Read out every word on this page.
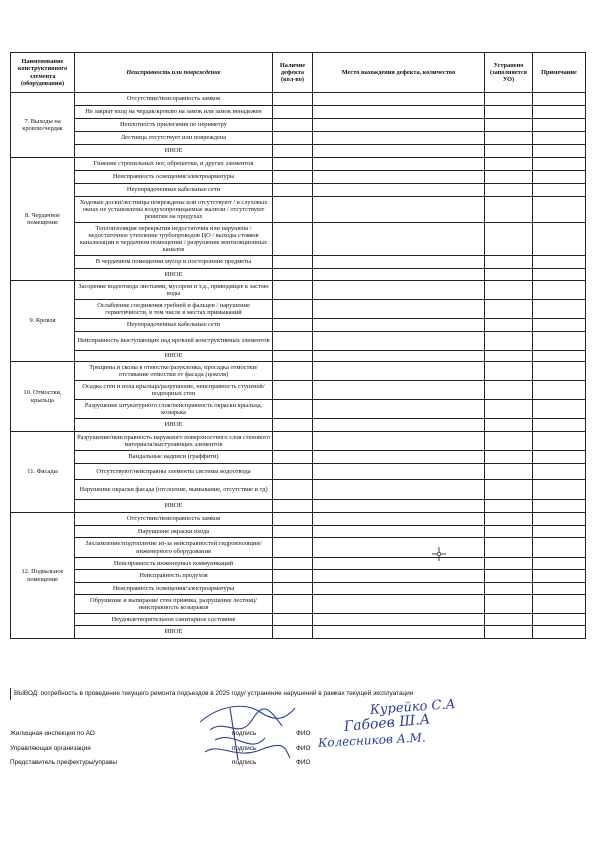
Наименование конструктивного элемента (оборудования)	Неисправность или повреждение	Наличие дефекта (кол-во)	Место нахождения дефекта, количество	Устранено (заполняется УО)	Примечание
7. Выходы на кровлю/чердак	Отсутствие/неисправность замков				
	Не закрыт вход на чердак/кровлю на замок или замок ненадежен				
	Неплотность прилегания по периметру				
	Лестница отсутствует или повреждена				
	ИНОЕ				
8. Чердачное помещение	Гниение стропильных ног, обрешетки, и других элементов				
	Неисправность освещения/электроарматуры				
	Неупорядоченные кабельные сети				
	Ходовые доски/лестницы повреждены или отсутствуют / в слуховых окнах не установлены воздухопроницаемые жалюзи / отсутствуют решетки на продухах				
	Теплоизоляция перекрытия недостаточна или нарушена / недостаточное утепление трубопроводов ЦО / выходы стояков канализации в чердачном помещении / разрушение вентиляционных каналов				
	В чердачном помещении мусор и посторонние предметы				
	ИНОЕ				
9. Кровля	Засорение водоотвода листьями, мусором и т.д., приводящее к застою воды				
	Ослабление соединения гребней и фальцев / нарушение герметичности, в том числе в местах примыканий				
	Неупорядоченные кабельные сети				
	Неисправность выступающих над кровлей конструктивных элементов				
	ИНОЕ				
10. Отмостки, крыльца	Трещины и сколы в отмостке/разуклонка, просадка отмостки/отставание отмостки от фасада (цоколя)				
	Осадка стен и пола крыльца/разрушение, неисправность ступеней/подпорных стен				
	Разрушение штукатурного слоя/неисправность окраски крыльца, козырька				
	ИНОЕ				
11. Фасады	Разрушение/неисправность наружного поверхностного слоя стенового материала/выступающих элементов				
	Вандальные надписи (граффити)				
	Отсутствуют/неисправны элементы системы водоотвода				
	Нарушение окраски фасада (отслоение, вымывание, отсутствие и тд)				
	ИНОЕ				
12. Подвальное помещение	Отсутствие/неисправность замков				
	Нарушение окраски входа				
	Захламление/подтопление из-за неисправностей гидроизоляции/инженерного оборудования				
	Неисправность инженерных коммуникаций				
	Неисправность продухов				
	Неисправность освещения/электроарматуры				
	Обрушение и выпирание стен приямка, разрушение лестниц/неисправность козырьков				
	Неудовлетворительное санитарное состояние				
	ИНОЕ				
ВЫВОД: потребность в проведение текущего ремонта подъездов в 2025 году/ устранение нарушений в рамках текущей эксплуатации
Жилищная инспекция по АО	подпись	ФИО
Курейко С.А
Управляющая организация	подпись	ФИО
Габоев Ш.А
Представитель префектуры/управы	подпись	ФИО
Колесников А.М.
